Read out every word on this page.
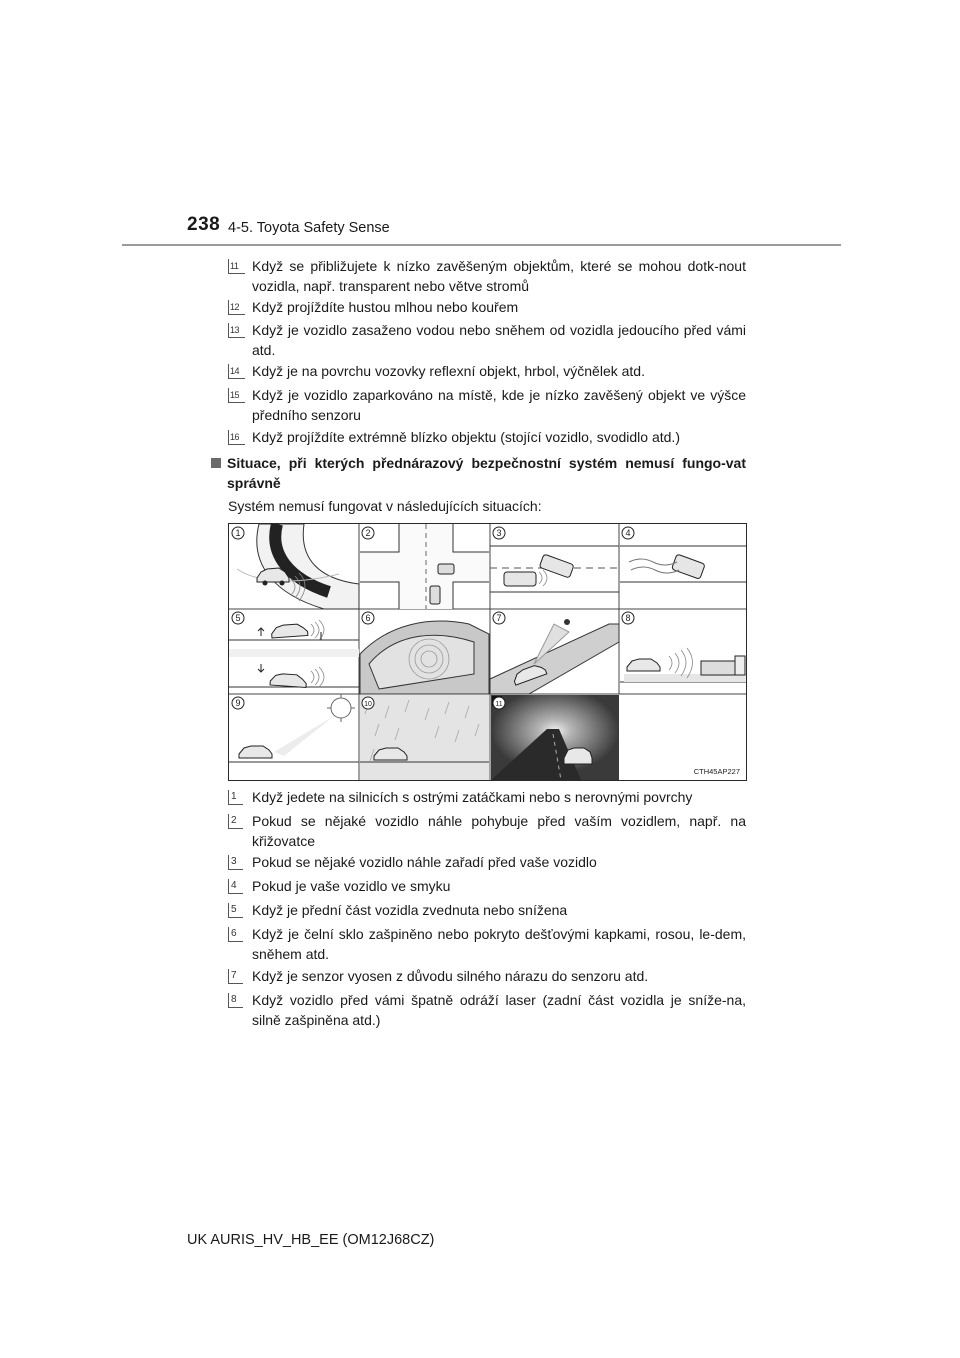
238 4-5. Toyota Safety Sense
11 Když se přibližujete k nízko zavěšeným objektům, které se mohou dotk-nout vozidla, např. transparent nebo větve stromů
12 Když projíždíte hustou mlhou nebo kouřem
13 Když je vozidlo zasaženo vodou nebo sněhem od vozidla jedoucího před vámi atd.
14 Když je na povrchu vozovky reflexní objekt, hrbol, výčnělek atd.
15 Když je vozidlo zaparkováno na místě, kde je nízko zavěšený objekt ve výšce předního senzoru
16 Když projíždíte extrémně blízko objektu (stojící vozidlo, svodidlo atd.)
Situace, při kterých přednárazový bezpečnostní systém nemusí fungo-vat správně
Systém nemusí fungovat v následujících situacích:
1	2	3	4
5	6	7	8
9	10	11
CTH45AP227
1	Když jedete na silnicích s ostrými zatáčkami nebo s nerovnými povrchy
2	Pokud se nějaké vozidlo náhle pohybuje před vaším vozidlem, např. na křižovatce
3	Pokud se nějaké vozidlo náhle zařadí před vaše vozidlo
4	Pokud je vaše vozidlo ve smyku
5	Když je přední část vozidla zvednuta nebo snížena
6	Když je čelní sklo zašpiněno nebo pokryto dešťovými kapkami, rosou, le-dem, sněhem atd.
7	Když je senzor vyosen z důvodu silného nárazu do senzoru atd.
8	Když vozidlo před vámi špatně odráží laser (zadní část vozidla je sníže-na, silně zašpiněna atd.)
UK AURIS_HV_HB_EE (OM12J68CZ)
